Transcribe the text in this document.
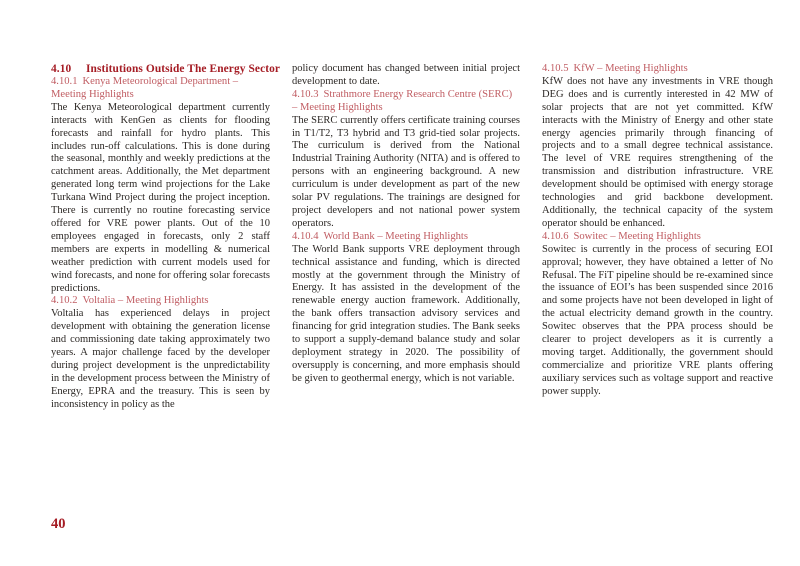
4.10 Institutions Outside The Energy Sector

4.10.1 Kenya Meteorological Department – Meeting Highlights

The Kenya Meteorological department currently interacts with KenGen as clients for flooding forecasts and rainfall for hydro plants. This includes run-off calculations. This is done during the seasonal, monthly and weekly predictions at the catchment areas. Additionally, the Met department generated long term wind projections for the Lake Turkana Wind Project during the project inception. There is currently no routine forecasting service offered for VRE power plants. Out of the 10 employees engaged in forecasts, only 2 staff members are experts in modelling & numerical weather prediction with current models used for wind forecasts, and none for offering solar forecasts predictions.

4.10.2 Voltalia – Meeting Highlights

Voltalia has experienced delays in project development with obtaining the generation license and commissioning date taking approximately two years. A major challenge faced by the developer during project development is the unpredictability in the development process between the Ministry of Energy, EPRA and the treasury. This is seen by inconsistency in policy as the

policy document has changed between initial project development to date.

4.10.3 Strathmore Energy Research Centre (SERC) – Meeting Highlights

The SERC currently offers certificate training courses in T1/T2, T3 hybrid and T3 grid-tied solar projects. The curriculum is derived from the National Industrial Training Authority (NITA) and is offered to persons with an engineering background. A new curriculum is under development as part of the new solar PV regulations. The trainings are designed for project developers and not national power system operators.

4.10.4 World Bank – Meeting Highlights

The World Bank supports VRE deployment through technical assistance and funding, which is directed mostly at the government through the Ministry of Energy. It has assisted in the development of the renewable energy auction framework. Additionally, the bank offers transaction advisory services and financing for grid integration studies. The Bank seeks to support a supply-demand balance study and solar deployment strategy in 2020. The possibility of oversupply is concerning, and more emphasis should be given to geothermal energy, which is not variable.

4.10.5 KfW – Meeting Highlights

KfW does not have any investments in VRE though DEG does and is currently interested in 42 MW of solar projects that are not yet committed. KfW interacts with the Ministry of Energy and other state energy agencies primarily through financing of projects and to a small degree technical assistance. The level of VRE requires strengthening of the transmission and distribution infrastructure. VRE development should be optimised with energy storage technologies and grid backbone development. Additionally, the technical capacity of the system operator should be enhanced.

4.10.6 Sowitec – Meeting Highlights

Sowitec is currently in the process of securing EOI approval; however, they have obtained a letter of No Refusal. The FiT pipeline should be re-examined since the issuance of EOI’s has been suspended since 2016 and some projects have not been developed in light of the actual electricity demand growth in the country. Sowitec observes that the PPA process should be clearer to project developers as it is currently a moving target. Additionally, the government should commercialize and prioritize VRE plants offering auxiliary services such as voltage support and reactive power supply.

40
